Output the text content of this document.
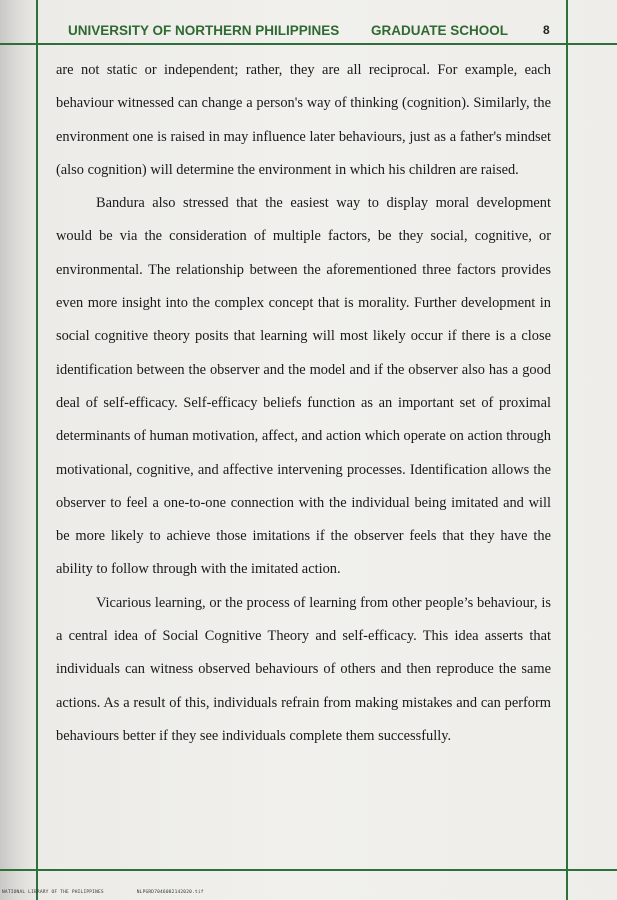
UNIVERSITY OF NORTHERN PHILIPPINES GRADUATE SCHOOL	8

are not static or independent; rather, they are all reciprocal. For example, each behaviour witnessed can change a person's way of thinking (cognition). Similarly, the environment one is raised in may influence later behaviours, just as a father's mindset (also cognition) will determine the environment in which his children are raised.

Bandura also stressed that the easiest way to display moral development would be via the consideration of multiple factors, be they social, cognitive, or environmental. The relationship between the aforementioned three factors provides even more insight into the complex concept that is morality. Further development in social cognitive theory posits that learning will most likely occur if there is a close identification between the observer and the model and if the observer also has a good deal of self-efficacy. Self-efficacy beliefs function as an important set of proximal determinants of human motivation, affect, and action which operate on action through motivational, cognitive, and affective intervening processes. Identification allows the observer to feel a one-to-one connection with the individual being imitated and will be more likely to achieve those imitations if the observer feels that they have the ability to follow through with the imitated action.

Vicarious learning, or the process of learning from other people’s behaviour, is a central idea of Social Cognitive Theory and self-efficacy. This idea asserts that individuals can witness observed behaviours of others and then reproduce the same actions. As a result of this, individuals refrain from making mistakes and can perform behaviours better if they see individuals complete them successfully.

NATIONAL LIBRARY OF THE PHILIPPINES	NLPGRD7046082142020.tif
